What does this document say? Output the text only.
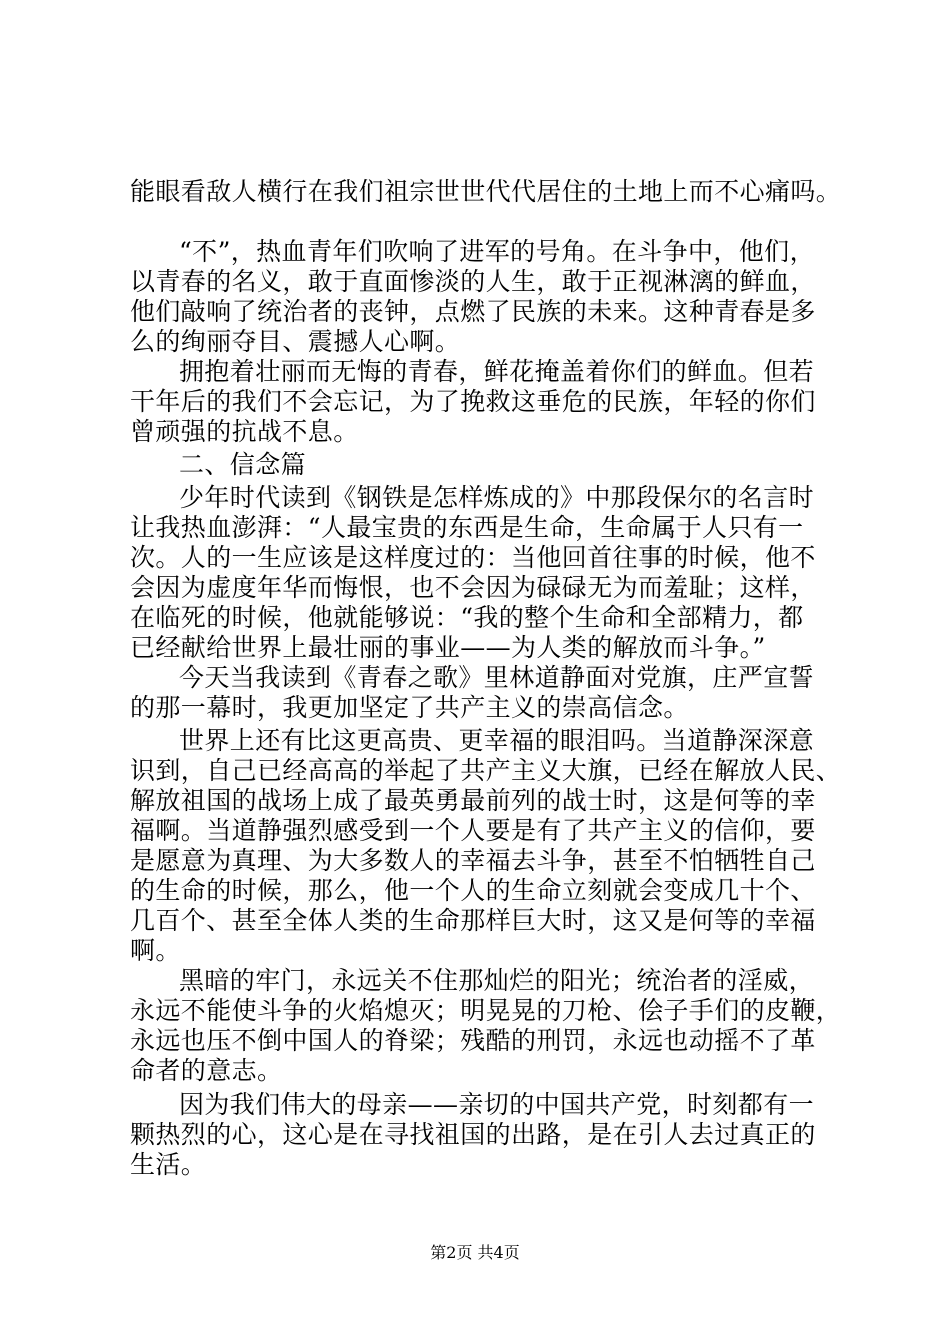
能眼看敌人横行在我们祖宗世世代代居住的土地上而不心痛吗。
“不”，热血青年们吹响了进军的号角。在斗争中，他们，
以青春的名义，敢于直面惨淡的人生，敢于正视淋漓的鲜血，
他们敲响了统治者的丧钟，点燃了民族的未来。这种青春是多
么的绚丽夺目、震撼人心啊。
拥抱着壮丽而无悔的青春，鲜花掩盖着你们的鲜血。但若
干年后的我们不会忘记，为了挽救这垂危的民族，年轻的你们
曾顽强的抗战不息。
二、信念篇
少年时代读到《钢铁是怎样炼成的》中那段保尔的名言时
让我热血澎湃：“人最宝贵的东西是生命，生命属于人只有一
次。人的一生应该是这样度过的：当他回首往事的时候，他不
会因为虚度年华而悔恨，也不会因为碌碌无为而羞耻；这样，
在临死的时候，他就能够说：“我的整个生命和全部精力，都
已经献给世界上最壮丽的事业——为人类的解放而斗争。”
今天当我读到《青春之歌》里林道静面对党旗，庄严宣誓
的那一幕时，我更加坚定了共产主义的崇高信念。
世界上还有比这更高贵、更幸福的眼泪吗。当道静深深意
识到，自己已经高高的举起了共产主义大旗，已经在解放人民、
解放祖国的战场上成了最英勇最前列的战士时，这是何等的幸
福啊。当道静强烈感受到一个人要是有了共产主义的信仰，要
是愿意为真理、为大多数人的幸福去斗争，甚至不怕牺牲自己
的生命的时候，那么，他一个人的生命立刻就会变成几十个、
几百个、甚至全体人类的生命那样巨大时，这又是何等的幸福
啊。
黑暗的牢门，永远关不住那灿烂的阳光；统治者的淫威，
永远不能使斗争的火焰熄灭；明晃晃的刀枪、侩子手们的皮鞭，
永远也压不倒中国人的脊梁；残酷的刑罚，永远也动摇不了革
命者的意志。
因为我们伟大的母亲——亲切的中国共产党，时刻都有一
颗热烈的心，这心是在寻找祖国的出路，是在引人去过真正的
生活。
第2页 共4页
